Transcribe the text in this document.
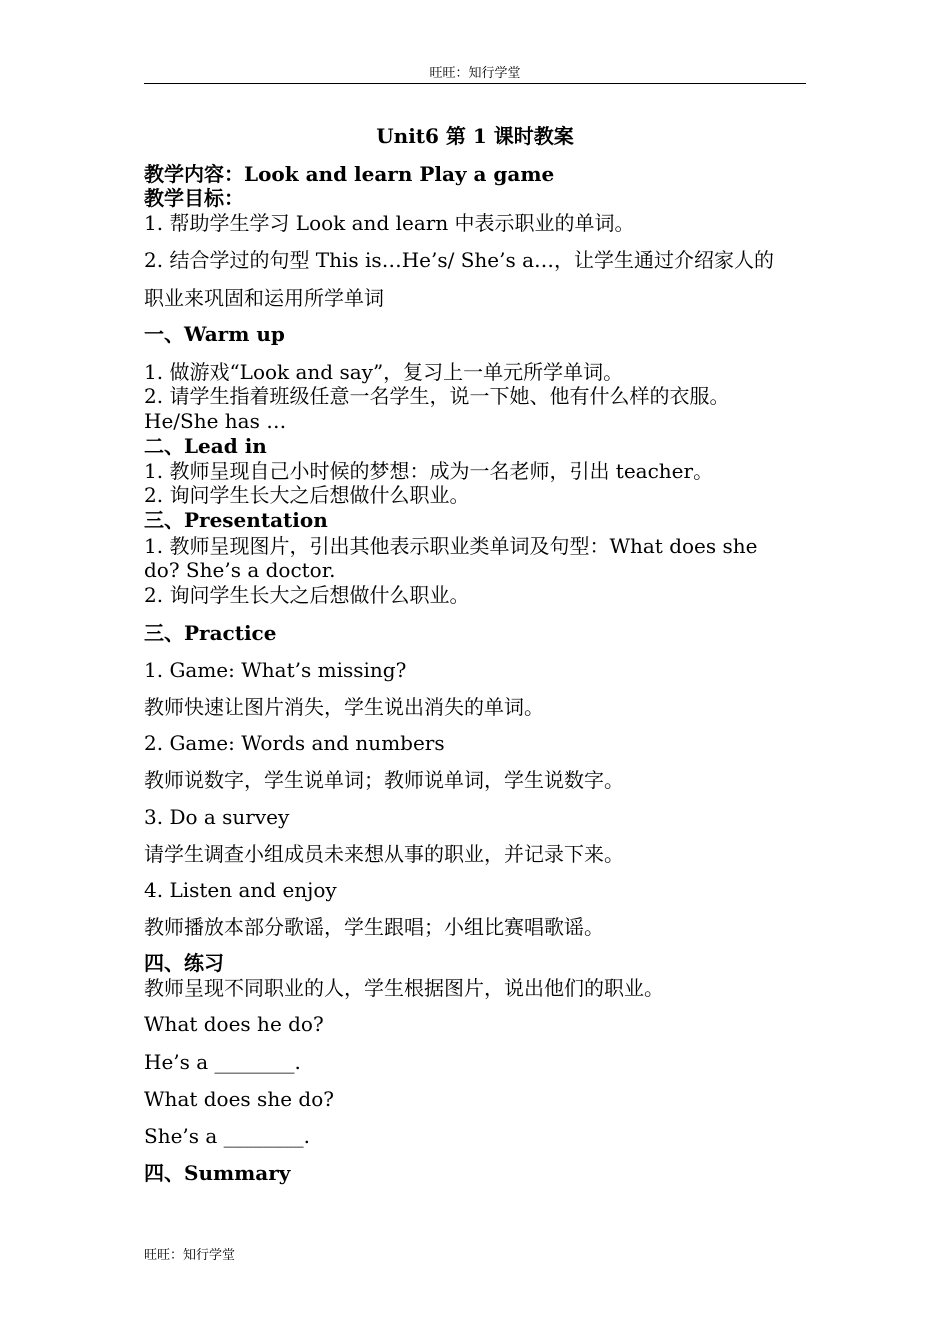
旺旺：知行学堂
Unit6 第 1 课时教案
教学内容：Look and learn Play a game
教学目标：
1. 帮助学生学习 Look and learn 中表示职业的单词。
2. 结合学过的句型 This is…He’s/ She’s a…，让学生通过介绍家人的
职业来巩固和运用所学单词
一、Warm up
1. 做游戏“Look and say”，复习上一单元所学单词。
2. 请学生指着班级任意一名学生，说一下她、他有什么样的衣服。
He/She has …
二、Lead in
1. 教师呈现自己小时候的梦想：成为一名老师，引出 teacher。
2. 询问学生长大之后想做什么职业。
三、Presentation
1. 教师呈现图片，引出其他表示职业类单词及句型：What does she
do? She’s a doctor.
2. 询问学生长大之后想做什么职业。
三、Practice
1. Game: What’s missing?
教师快速让图片消失，学生说出消失的单词。
2. Game: Words and numbers
教师说数字，学生说单词；教师说单词，学生说数字。
3. Do a survey
请学生调查小组成员未来想从事的职业，并记录下来。
4. Listen and enjoy
教师播放本部分歌谣，学生跟唱；小组比赛唱歌谣。
四、练习
教师呈现不同职业的人，学生根据图片，说出他们的职业。
What does he do?
He’s a ________.
What does she do?
She’s a ________.
四、Summary
旺旺：知行学堂
